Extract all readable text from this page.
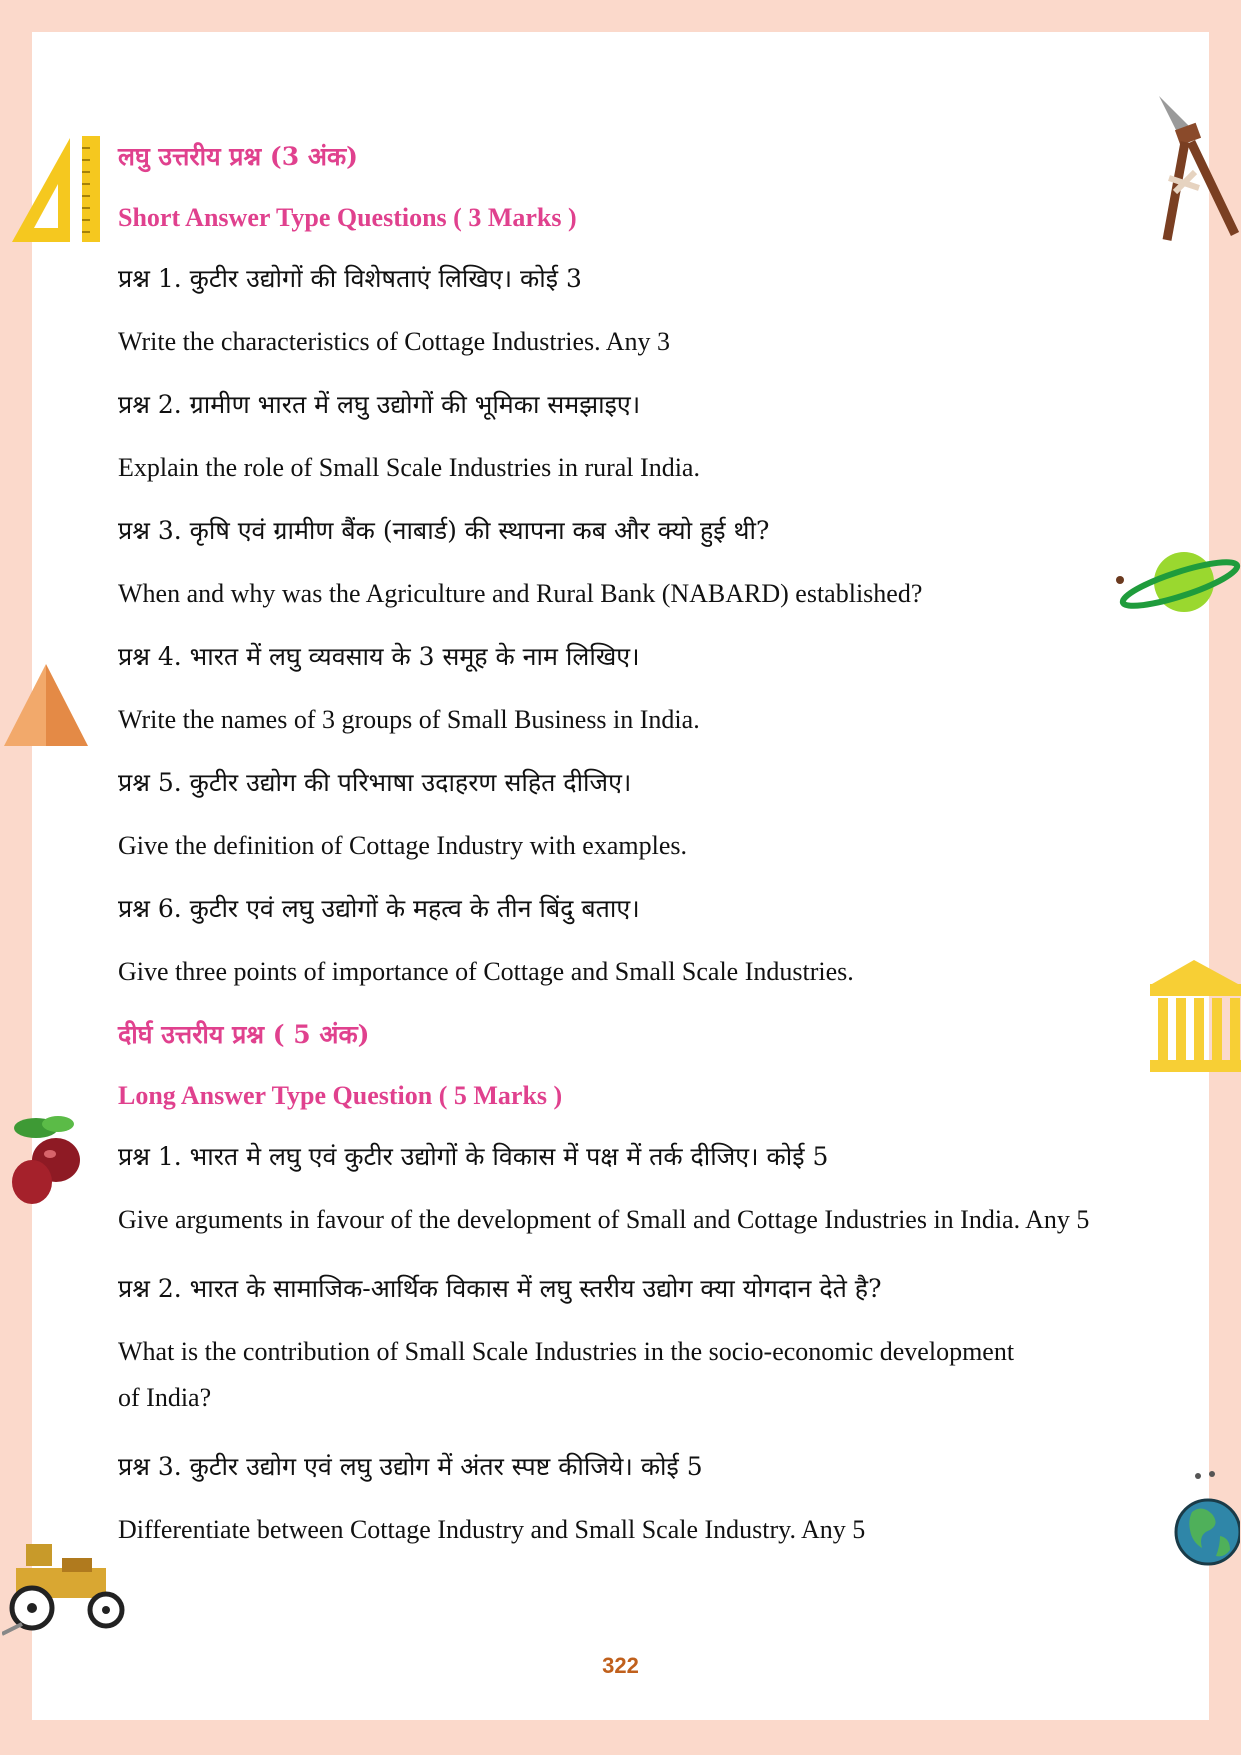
लघु उत्तरीय प्रश्न (3 अंक)
Short Answer Type Questions ( 3 Marks )
प्रश्न 1. कुटीर उद्योगों की विशेषताएं लिखिए। कोई 3
Write the characteristics of Cottage Industries. Any 3
प्रश्न 2. ग्रामीण भारत में लघु उद्योगों की भूमिका समझाइए।
Explain the role of Small Scale Industries in rural India.
प्रश्न 3. कृषि एवं ग्रामीण बैंक (नाबार्ड) की स्थापना कब और क्यो हुई थी?
When and why was the Agriculture and Rural Bank (NABARD) established?
प्रश्न 4. भारत में लघु व्यवसाय के 3 समूह के नाम लिखिए।
Write the names of 3 groups of Small Business in India.
प्रश्न 5. कुटीर उद्योग की परिभाषा उदाहरण सहित दीजिए।
Give the definition of Cottage Industry with examples.
प्रश्न 6. कुटीर एवं लघु उद्योगों के महत्व के तीन बिंदु बताए।
Give three points of importance of Cottage and Small Scale Industries.
दीर्घ उत्तरीय प्रश्न ( 5 अंक)
Long Answer Type Question ( 5 Marks )
प्रश्न 1. भारत मे लघु एवं कुटीर उद्योगों के विकास में पक्ष में तर्क दीजिए। कोई 5
Give arguments in favour of the development of Small and Cottage Industries in India. Any 5
प्रश्न 2. भारत के सामाजिक-आर्थिक विकास में लघु स्तरीय उद्योग क्या योगदान देते है?
What is the contribution of Small Scale Industries in the socio-economic development of India?
प्रश्न 3. कुटीर उद्योग एवं लघु उद्योग में अंतर स्पष्ट कीजिये। कोई 5
Differentiate between Cottage Industry and Small Scale Industry. Any 5
322
